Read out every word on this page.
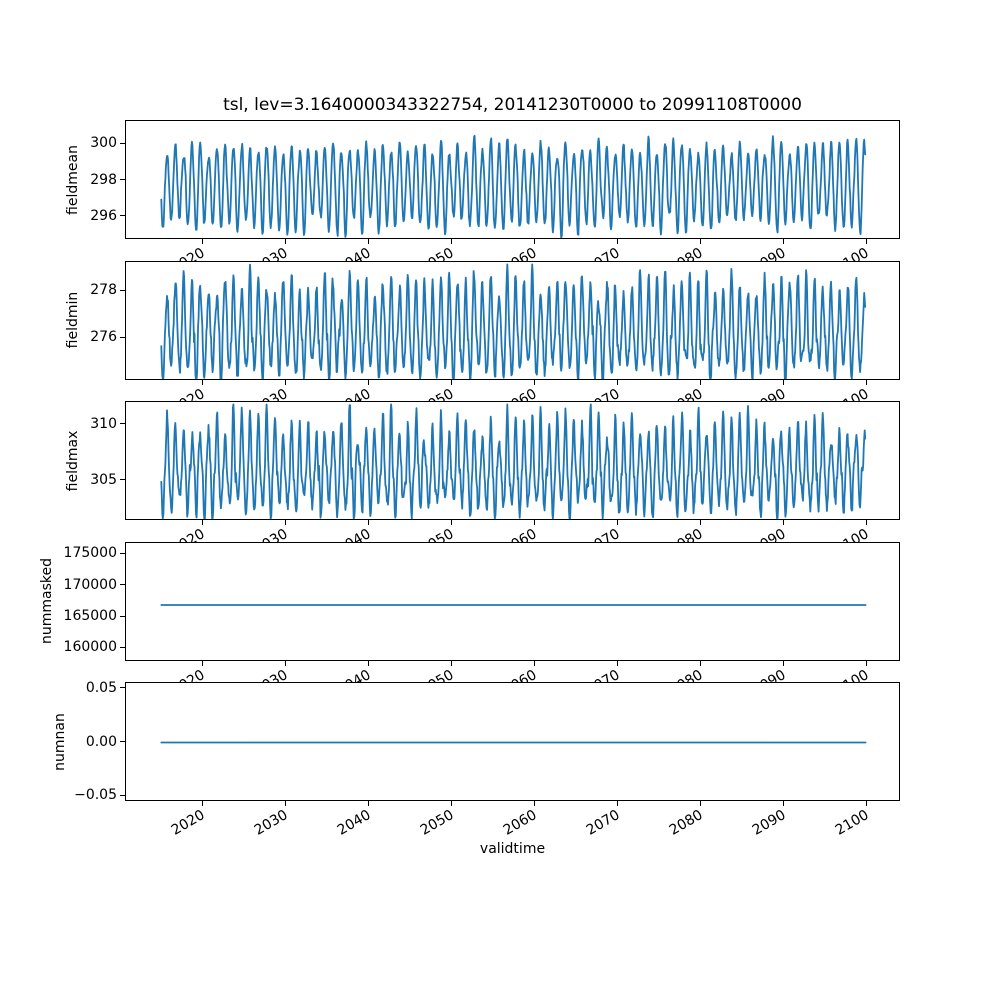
tsl, lev=3.1640000343322754, 20141230T0000 to 20991108T0000
296
298
300
fieldmean
276
278
fieldmin
305
310
fieldmax
160000
165000
170000
175000
nummasked
2020	2030	2040	2050	2060	2070	2080	2090	2100
−0.05
0.00
0.05
numnan
validtime
